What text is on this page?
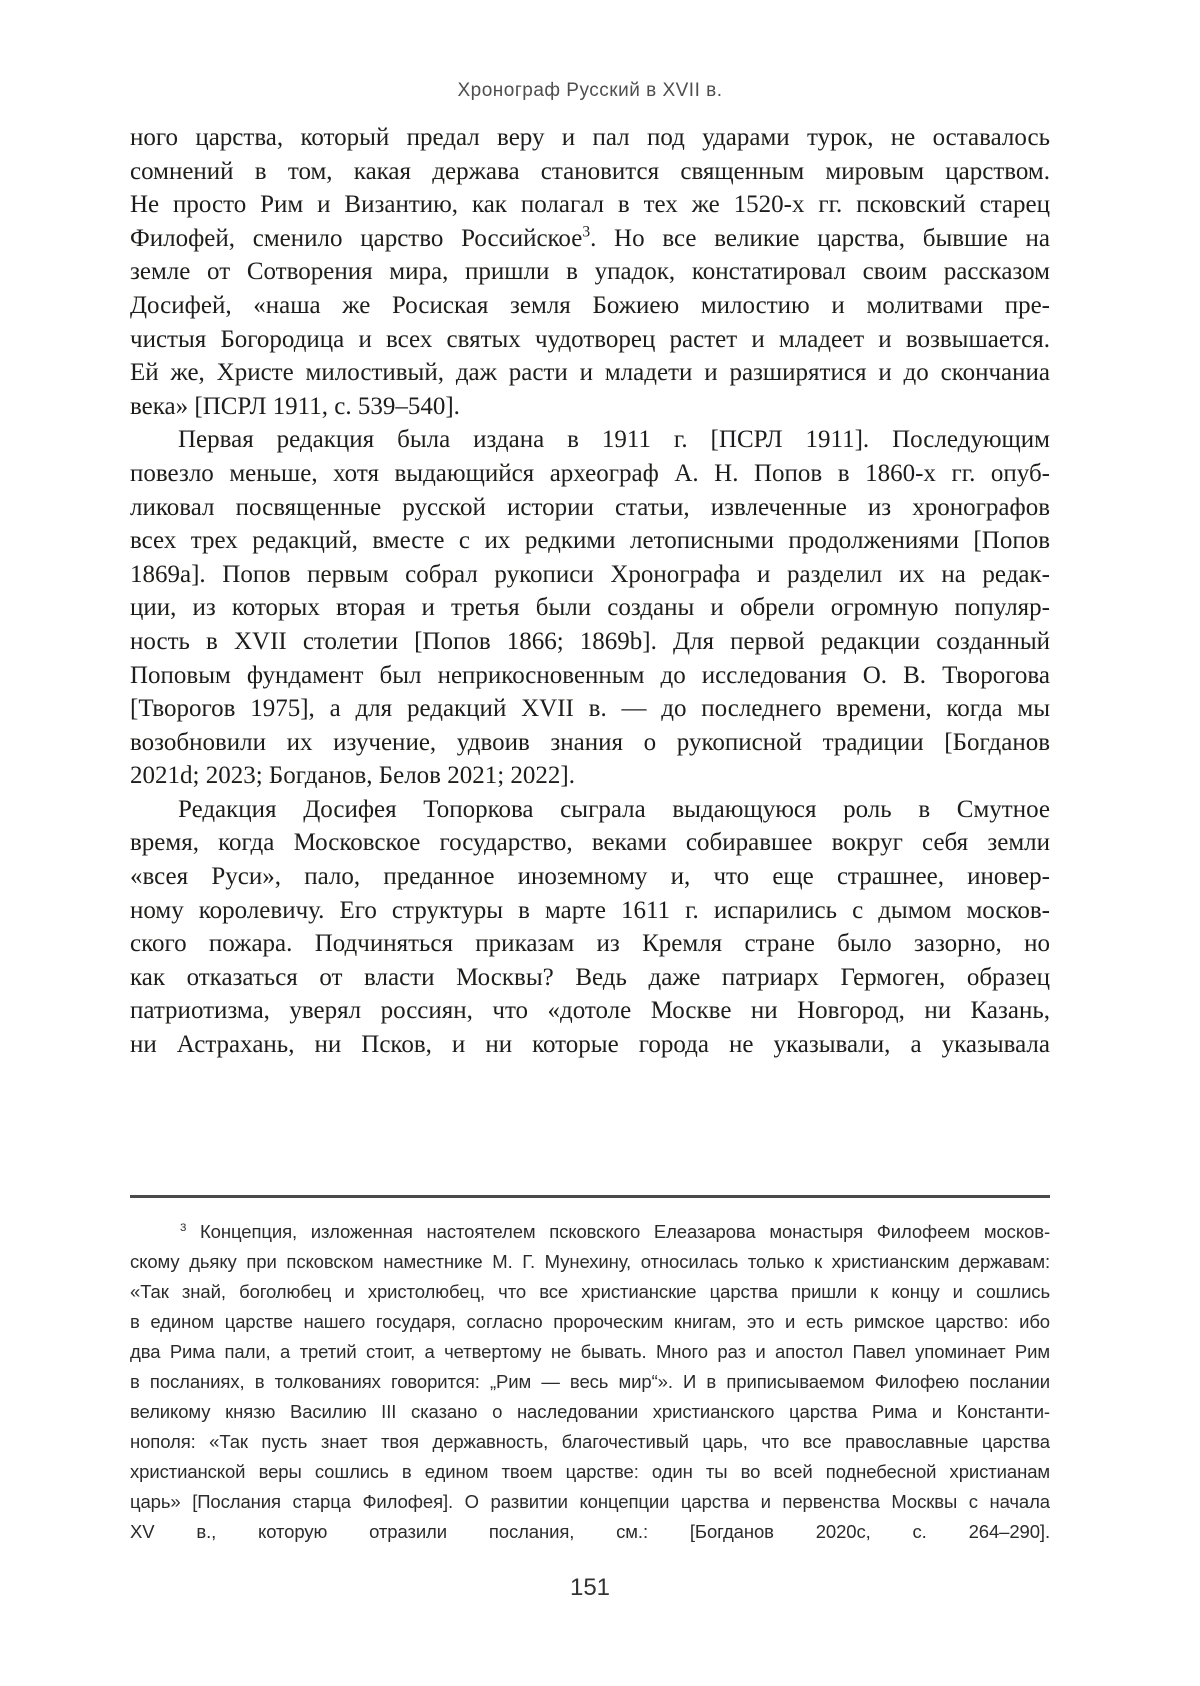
Хронограф Русский в XVII в.
ного царства, который предал веру и пал под ударами турок, не оставалось
сомнений в том, какая держава становится священным мировым царством.
Не просто Рим и Византию, как полагал в тех же 1520-х гг. псковский старец
Филофей, сменило царство Российское$^3$. Но все великие царства, бывшие на
земле от Сотворения мира, пришли в упадок, констатировал своим рассказом
Досифей, «наша же Росиская земля Божиею милостию и молитвами пре-
чистыя Богородица и всех святых чудотворец растет и младеет и возвышается.
Ей же, Христе милостивый, даж расти и младети и разширятися и до скончаниа
века» [ПСРЛ 1911, с. 539–540].
Первая редакция была издана в 1911 г. [ПСРЛ 1911]. Последующим
повезло меньше, хотя выдающийся археограф А. Н. Попов в 1860-х гг. опуб-
ликовал посвященные русской истории статьи, извлеченные из хронографов
всех трех редакций, вместе с их редкими летописными продолжениями [Попов
1869a]. Попов первым собрал рукописи Хронографа и разделил их на редак-
ции, из которых вторая и третья были созданы и обрели огромную популяр-
ность в XVII столетии [Попов 1866; 1869b]. Для первой редакции созданный
Поповым фундамент был неприкосновенным до исследования О. В. Творогова
[Творогов 1975], а для редакций XVII в. — до последнего времени, когда мы
возобновили их изучение, удвоив знания о рукописной традиции [Богданов
2021d; 2023; Богданов, Белов 2021; 2022].
Редакция Досифея Топоркова сыграла выдающуюся роль в Смутное
время, когда Московское государство, веками собиравшее вокруг себя земли
«всея Руси», пало, преданное иноземному и, что еще страшнее, иновер-
ному королевичу. Его структуры в марте 1611 г. испарились с дымом москов-
ского пожара. Подчиняться приказам из Кремля стране было зазорно, но
как отказаться от власти Москвы? Ведь даже патриарх Гермоген, образец
патриотизма, уверял россиян, что «дотоле Москве ни Новгород, ни Казань,
ни Астрахань, ни Псков, и ни которые города не указывали, а указывала
$^3$ Концепция, изложенная настоятелем псковского Елеазарова монастыря Филофеем москов-
скому дьяку при псковском наместнике М. Г. Мунехину, относилась только к христианским державам:
«Так знай, боголюбец и христолюбец, что все христианские царства пришли к концу и сошлись
в едином царстве нашего государя, согласно пророческим книгам, это и есть римское царство: ибо
два Рима пали, а третий стоит, а четвертому не бывать. Много раз и апостол Павел упоминает Рим
в посланиях, в толкованиях говорится: „Рим — весь мир“». И в приписываемом Филофею послании
великому князю Василию III сказано о наследовании христианского царства Рима и Константи-
нополя: «Так пусть знает твоя державность, благочестивый царь, что все православные царства
христианской веры сошлись в едином твоем царстве: один ты во всей поднебесной христианам
царь» [Послания старца Филофея]. О развитии концепции царства и первенства Москвы с начала
XV в., которую отразили послания, см.: [Богданов 2020c, с. 264–290].
151
